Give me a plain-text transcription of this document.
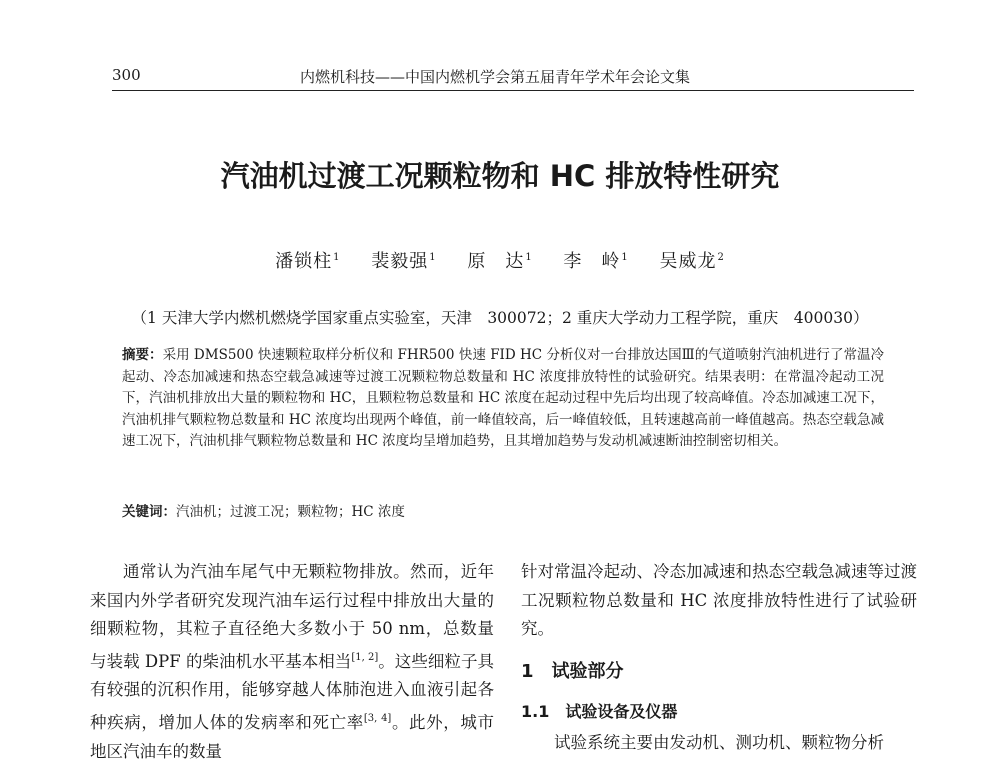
300	内燃机科技——中国内燃机学会第五届青年学术年会论文集
汽油机过渡工况颗粒物和 HC 排放特性研究
潘锁柱$^1$ 裴毅强$^1$ 原　达$^1$ 李　岭$^1$ 吴威龙$^2$
（1 天津大学内燃机燃烧学国家重点实验室，天津　300072；2 重庆大学动力工程学院，重庆　400030）
摘要：采用 DMS500 快速颗粒取样分析仪和 FHR500 快速 FID HC 分析仪对一台排放达国Ⅲ的气道喷射汽油机进行了常温冷起动、冷态加减速和热态空载急减速等过渡工况颗粒物总数量和 HC 浓度排放特性的试验研究。结果表明：在常温冷起动工况下，汽油机排放出大量的颗粒物和 HC，且颗粒物总数量和 HC 浓度在起动过程中先后均出现了较高峰值。冷态加减速工况下，汽油机排气颗粒物总数量和 HC 浓度均出现两个峰值，前一峰值较高，后一峰值较低，且转速越高前一峰值越高。热态空载急减速工况下，汽油机排气颗粒物总数量和 HC 浓度均呈增加趋势，且其增加趋势与发动机减速断油控制密切相关。
关键词：汽油机；过渡工况；颗粒物；HC 浓度

通常认为汽油车尾气中无颗粒物排放。然而，近年来国内外学者研究发现汽油车运行过程中排放出大量的细颗粒物，其粒子直径绝大多数小于 50 nm，总数量与装载 DPF 的柴油机水平基本相当[1, 2]。这些细粒子具有较强的沉积作用，能够穿越人体肺泡进入血液引起各种疾病，增加人体的发病率和死亡率[3, 4]。此外，城市地区汽油车的数量

针对常温冷起动、冷态加减速和热态空载急减速等过渡工况颗粒物总数量和 HC 浓度排放特性进行了试验研究。

1　试验部分

1.1　试验设备及仪器

试验系统主要由发动机、测功机、颗粒物分析
